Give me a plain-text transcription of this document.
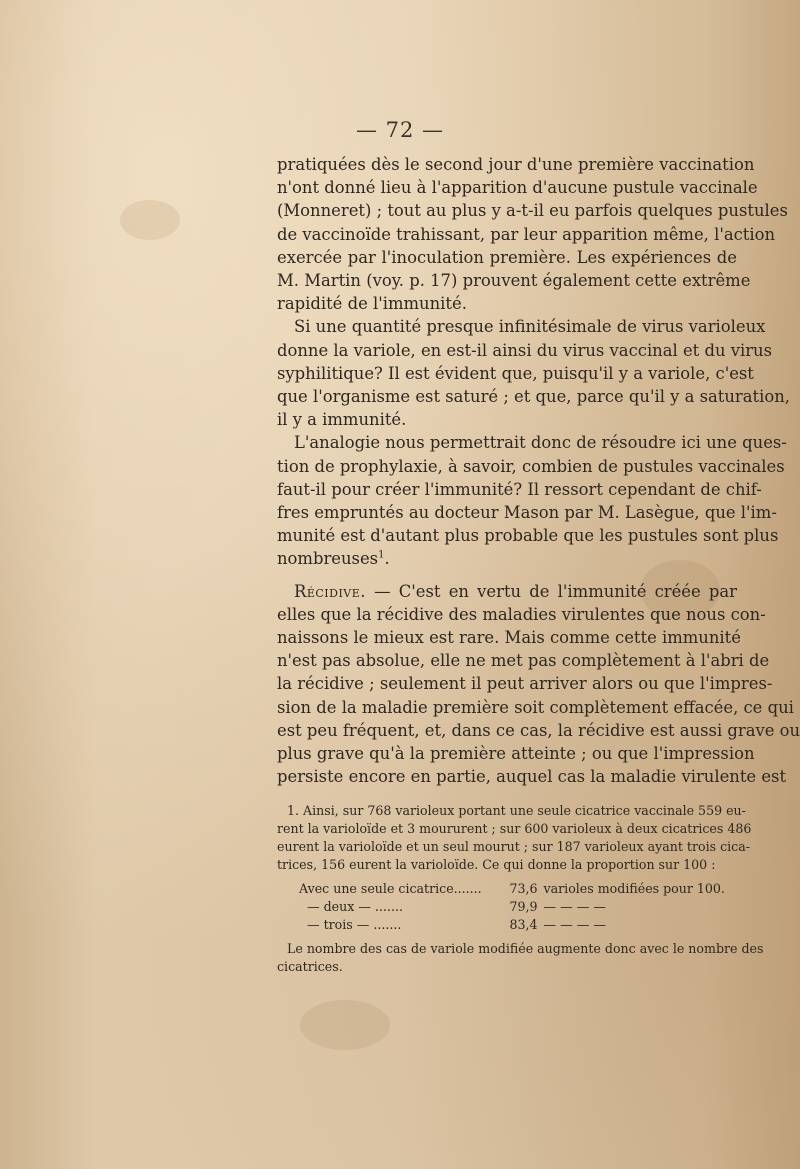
— 72 —
pratiquées dès le second jour d'une première vaccination
n'ont donné lieu à l'apparition d'aucune pustule vaccinale
(Monneret) ; tout au plus y a-t-il eu parfois quelques pustules
de vaccinoïde trahissant, par leur apparition même, l'action
exercée par l'inoculation première. Les expériences de
M. Martin (voy. p. 17) prouvent également cette extrême
rapidité de l'immunité.
Si une quantité presque infinitésimale de virus varioleux
donne la variole, en est-il ainsi du virus vaccinal et du virus
syphilitique? Il est évident que, puisqu'il y a variole, c'est
que l'organisme est saturé ; et que, parce qu'il y a saturation,
il y a immunité.
L'analogie nous permettrait donc de résoudre ici une ques-
tion de prophylaxie, à savoir, combien de pustules vaccinales
faut-il pour créer l'immunité? Il ressort cependant de chif-
fres empruntés au docteur Mason par M. Lasègue, que l'im-
munité est d'autant plus probable que les pustules sont plus
nombreuses$^1$.
Récidive. — C'est en vertu de l'immunité créée par
elles que la récidive des maladies virulentes que nous con-
naissons le mieux est rare. Mais comme cette immunité
n'est pas absolue, elle ne met pas complètement à l'abri de
la récidive ; seulement il peut arriver alors ou que l'impres-
sion de la maladie première soit complètement effacée, ce qui
est peu fréquent, et, dans ce cas, la récidive est aussi grave ou
plus grave qu'à la première atteinte ; ou que l'impression
persiste encore en partie, auquel cas la maladie virulente est
1. Ainsi, sur 768 varioleux portant une seule cicatrice vaccinale 559 eu-
rent la varioloïde et 3 moururent ; sur 600 varioleux à deux cicatrices 486
eurent la varioloïde et un seul mourut ; sur 187 varioleux ayant trois cica-
trices, 156 eurent la varioloïde. Ce qui donne la proportion sur 100 :
Avec une seule cicatrice.......	73,6	varioles modifiées pour 100.
— deux — .......	79,9	— — — —
— trois — .......	83,4	— — — —
Le nombre des cas de variole modifiée augmente donc avec le nombre des
cicatrices.
